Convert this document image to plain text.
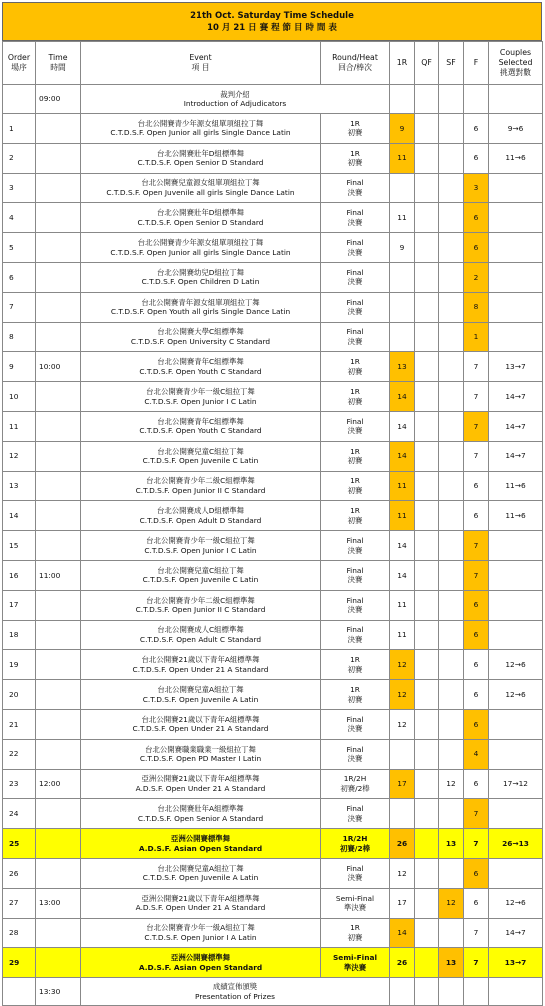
21th Oct. Saturday Time Schedule
10 月 21 日 賽 程 節 目 時 間 表
Order
場序	Time
時間	Event
項 目	Round/Heat
回合/棒次	1R	QF	SF	F	Couples
Selected
挑選對數

	09:00	裁判介紹
Introduction of Adjudicators						

1		台北公開賽青少年源女組單項組拉丁舞
C.T.D.S.F. Open Junior all girls Single Dance Latin	1R
初賽	9			6	9→6
2		台北公開賽壯年D組標準舞
C.T.D.S.F. Open Senior D Standard	1R
初賽	11			6	11→6
3		台北公開賽兒童源女組單項組拉丁舞
C.T.D.S.F. Open Juvenile all girls Single Dance Latin	Final
決賽				3	
4		台北公開賽壯年D組標準舞
C.T.D.S.F. Open Senior D Standard	Final
決賽	11			6	
5		台北公開賽青少年源女組單項組拉丁舞
C.T.D.S.F. Open Junior all girls Single Dance Latin	Final
決賽	9			6	
6		台北公開賽幼兒D組拉丁舞
C.T.D.S.F. Open Children D Latin	Final
決賽				2	
7		台北公開賽青年源女組單項組拉丁舞
C.T.D.S.F. Open Youth all girls Single Dance Latin	Final
決賽				8	
8		台北公開賽大學C組標準舞
C.T.D.S.F. Open University C Standard	Final
決賽				1	
9	10:00	台北公開賽青年C組標準舞
C.T.D.S.F. Open Youth C Standard	1R
初賽	13			7	13→7
10		台北公開賽青少年一級C組拉丁舞
C.T.D.S.F. Open Junior I C Latin	1R
初賽	14			7	14→7
11		台北公開賽青年C組標準舞
C.T.D.S.F. Open Youth C Standard	Final
決賽	14			7	14→7
12		台北公開賽兒童C組拉丁舞
C.T.D.S.F. Open Juvenile C Latin	1R
初賽	14			7	14→7
13		台北公開賽青少年二級C組標準舞
C.T.D.S.F. Open Junior II C Standard	1R
初賽	11			6	11→6
14		台北公開賽成人D組標準舞
C.T.D.S.F. Open Adult D Standard	1R
初賽	11			6	11→6
15		台北公開賽青少年一級C組拉丁舞
C.T.D.S.F. Open Junior I C Latin	Final
決賽	14			7	
16	11:00	台北公開賽兒童C組拉丁舞
C.T.D.S.F. Open Juvenile C Latin	Final
決賽	14			7	
17		台北公開賽青少年二級C組標準舞
C.T.D.S.F. Open Junior II C Standard	Final
決賽	11			6	
18		台北公開賽成人C組標準舞
C.T.D.S.F. Open Adult C Standard	Final
決賽	11			6	
19		台北公開賽21歲以下青年A組標準舞
C.T.D.S.F. Open Under 21 A Standard	1R
初賽	12			6	12→6
20		台北公開賽兒童A組拉丁舞
C.T.D.S.F. Open Juvenile A Latin	1R
初賽	12			6	12→6
21		台北公開賽21歲以下青年A組標準舞
C.T.D.S.F. Open Under 21 A Standard	Final
決賽	12			6	
22		台北公開賽職業職業一級組拉丁舞
C.T.D.S.F. Open PD Master I Latin	Final
決賽				4	
23	12:00	亞洲公開賽21歲以下青年A組標準舞
A.D.S.F. Open Under 21 A Standard	1R/2H
初賽/2棒	17		12	6	17→12
24		台北公開賽壯年A組標準舞
C.T.D.S.F. Open Senior A Standard	Final
決賽				7	
25		亞洲公開賽標準舞
A.D.S.F. Asian Open Standard	1R/2H
初賽/2棒	26		13	7	26→13
26		台北公開賽兒童A組拉丁舞
C.T.D.S.F. Open Juvenile A Latin	Final
決賽	12			6	
27	13:00	亞洲公開賽21歲以下青年A組標準舞
A.D.S.F. Open Under 21 A Standard	Semi-Final
準決賽	17		12	6	12→6
28		台北公開賽青少年一級A組拉丁舞
C.T.D.S.F. Open Junior I A Latin	1R
初賽	14			7	14→7
29		亞洲公開賽標準舞
A.D.S.F. Asian Open Standard	Semi-Final
準決賽	26		13	7	13→7
	13:30	成績宣佈頒獎
Presentation of Prizes						
